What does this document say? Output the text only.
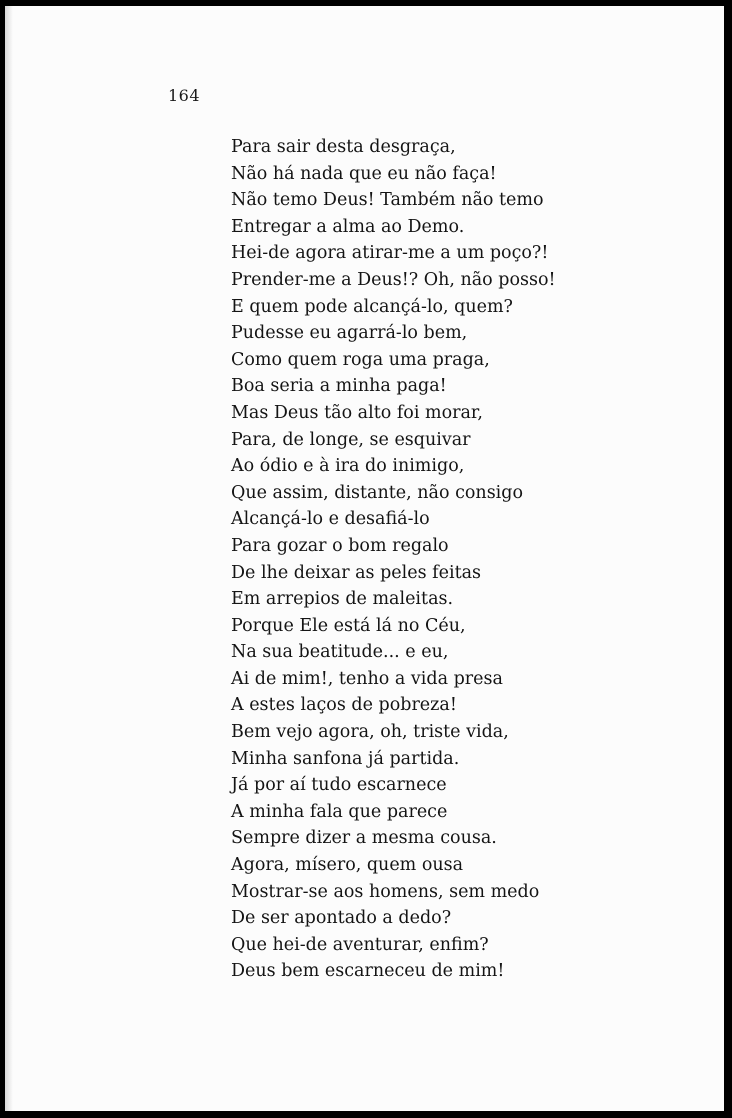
164
Para sair desta desgraça,
Não há nada que eu não faça!
Não temo Deus! Também não temo
Entregar a alma ao Demo.
Hei-de agora atirar-me a um poço?!
Prender-me a Deus!? Oh, não posso!
E quem pode alcançá-lo, quem?
Pudesse eu agarrá-lo bem,
Como quem roga uma praga,
Boa seria a minha paga!
Mas Deus tão alto foi morar,
Para, de longe, se esquivar
Ao ódio e à ira do inimigo,
Que assim, distante, não consigo
Alcançá-lo e desafiá-lo
Para gozar o bom regalo
De lhe deixar as peles feitas
Em arrepios de maleitas.
Porque Ele está lá no Céu,
Na sua beatitude... e eu,
Ai de mim!, tenho a vida presa
A estes laços de pobreza!
Bem vejo agora, oh, triste vida,
Minha sanfona já partida.
Já por aí tudo escarnece
A minha fala que parece
Sempre dizer a mesma cousa.
Agora, mísero, quem ousa
Mostrar-se aos homens, sem medo
De ser apontado a dedo?
Que hei-de aventurar, enfim?
Deus bem escarneceu de mim!
